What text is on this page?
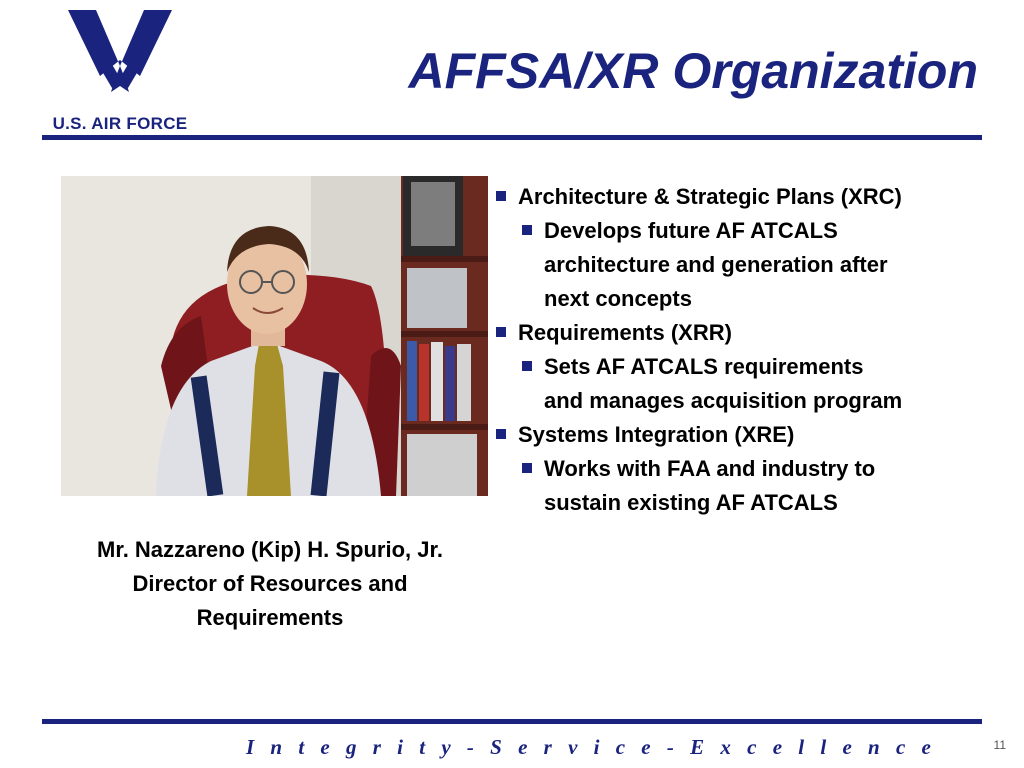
U.S. AIR FORCE
AFFSA/XR Organization
Mr. Nazzareno (Kip) H. Spurio, Jr.
Director of Resources and
Requirements
Architecture & Strategic Plans (XRC)
Develops future AF ATCALS
architecture and generation after
next concepts
Requirements (XRR)
Sets AF ATCALS requirements
and manages acquisition program
Systems Integration (XRE)
Works with FAA and industry to
sustain existing AF ATCALS
I n t e g r i t y - S e r v i c e - E x c e l l e n c e	11
